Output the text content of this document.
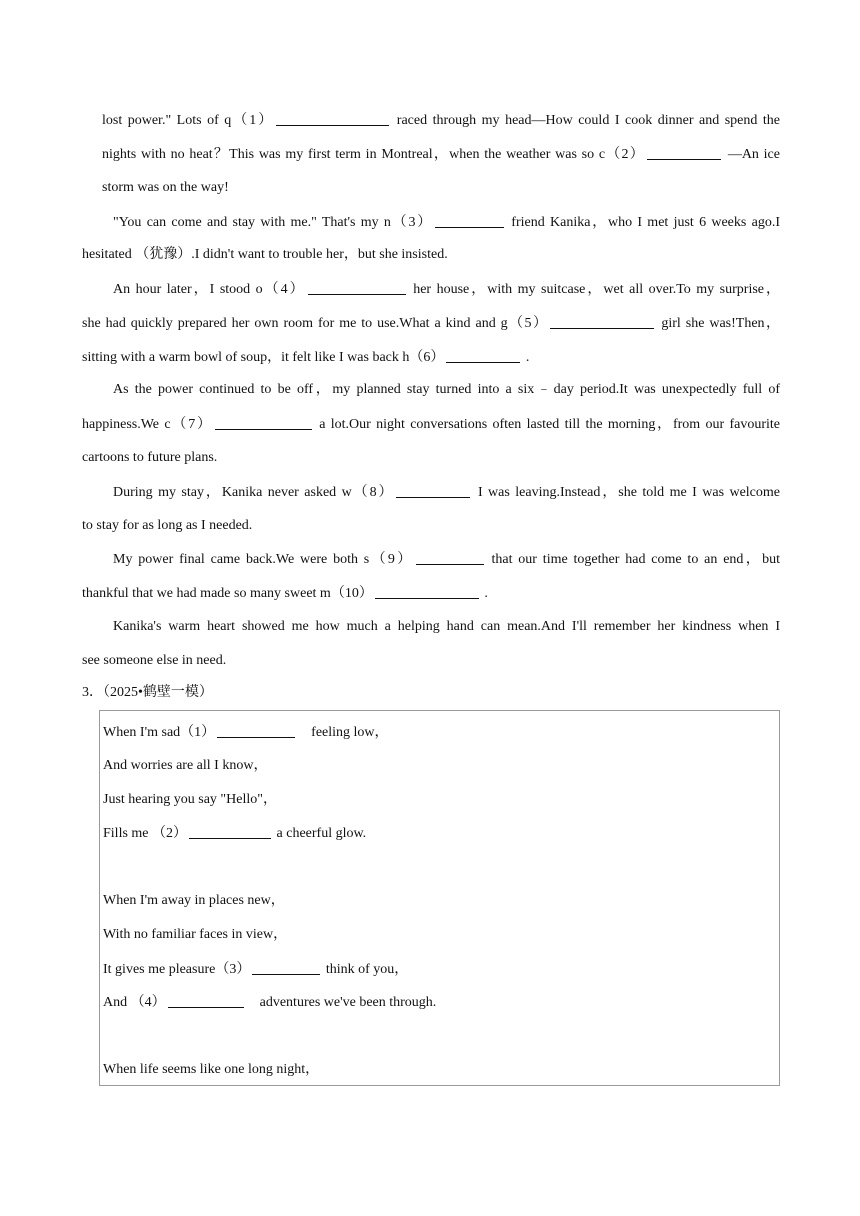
lost power." Lots of q（1）	raced through my head—How could I cook dinner and spend the
nights with no heat？This was my first term in Montreal，when the weather was so c（2）	—An ice
storm was on the way!
"You can come and stay with me." That's my n（3）	friend Kanika，who I met just 6 weeks ago.I
hesitated （犹豫）.I didn't want to trouble her，but she insisted.
An hour later，I stood o（4）	her house，with my suitcase，wet all over.To my surprise，
she had quickly prepared her own room for me to use.What a kind and g（5）	girl she was!Then，
sitting with a warm bowl of soup，it felt like I was back h（6）	.
As the power continued to be off，my planned stay turned into a six﹣day period.It was unexpectedly full of
happiness.We c（7）	a lot.Our night conversations often lasted till the morning，from our favourite
cartoons to future plans.
During my stay，Kanika never asked w（8）	I was leaving.Instead，she told me I was welcome
to stay for as long as I needed.
My power final came back.We were both s（9）	that our time together had come to an end，but
thankful that we had made so many sweet m（10）	.
Kanika's warm heart showed me how much a helping hand can mean.And I'll remember her kindness when I
see someone else in need.
3．（2025•鹤壁一模）
When I'm sad（1）	feeling low，
And worries are all I know，
Just hearing you say "Hello"，
Fills me （2）	a cheerful glow.
When I'm away in places new，
With no familiar faces in view，
It gives me pleasure（3）	think of you，
And （4）	adventures we've been through.
When life seems like one long night，
